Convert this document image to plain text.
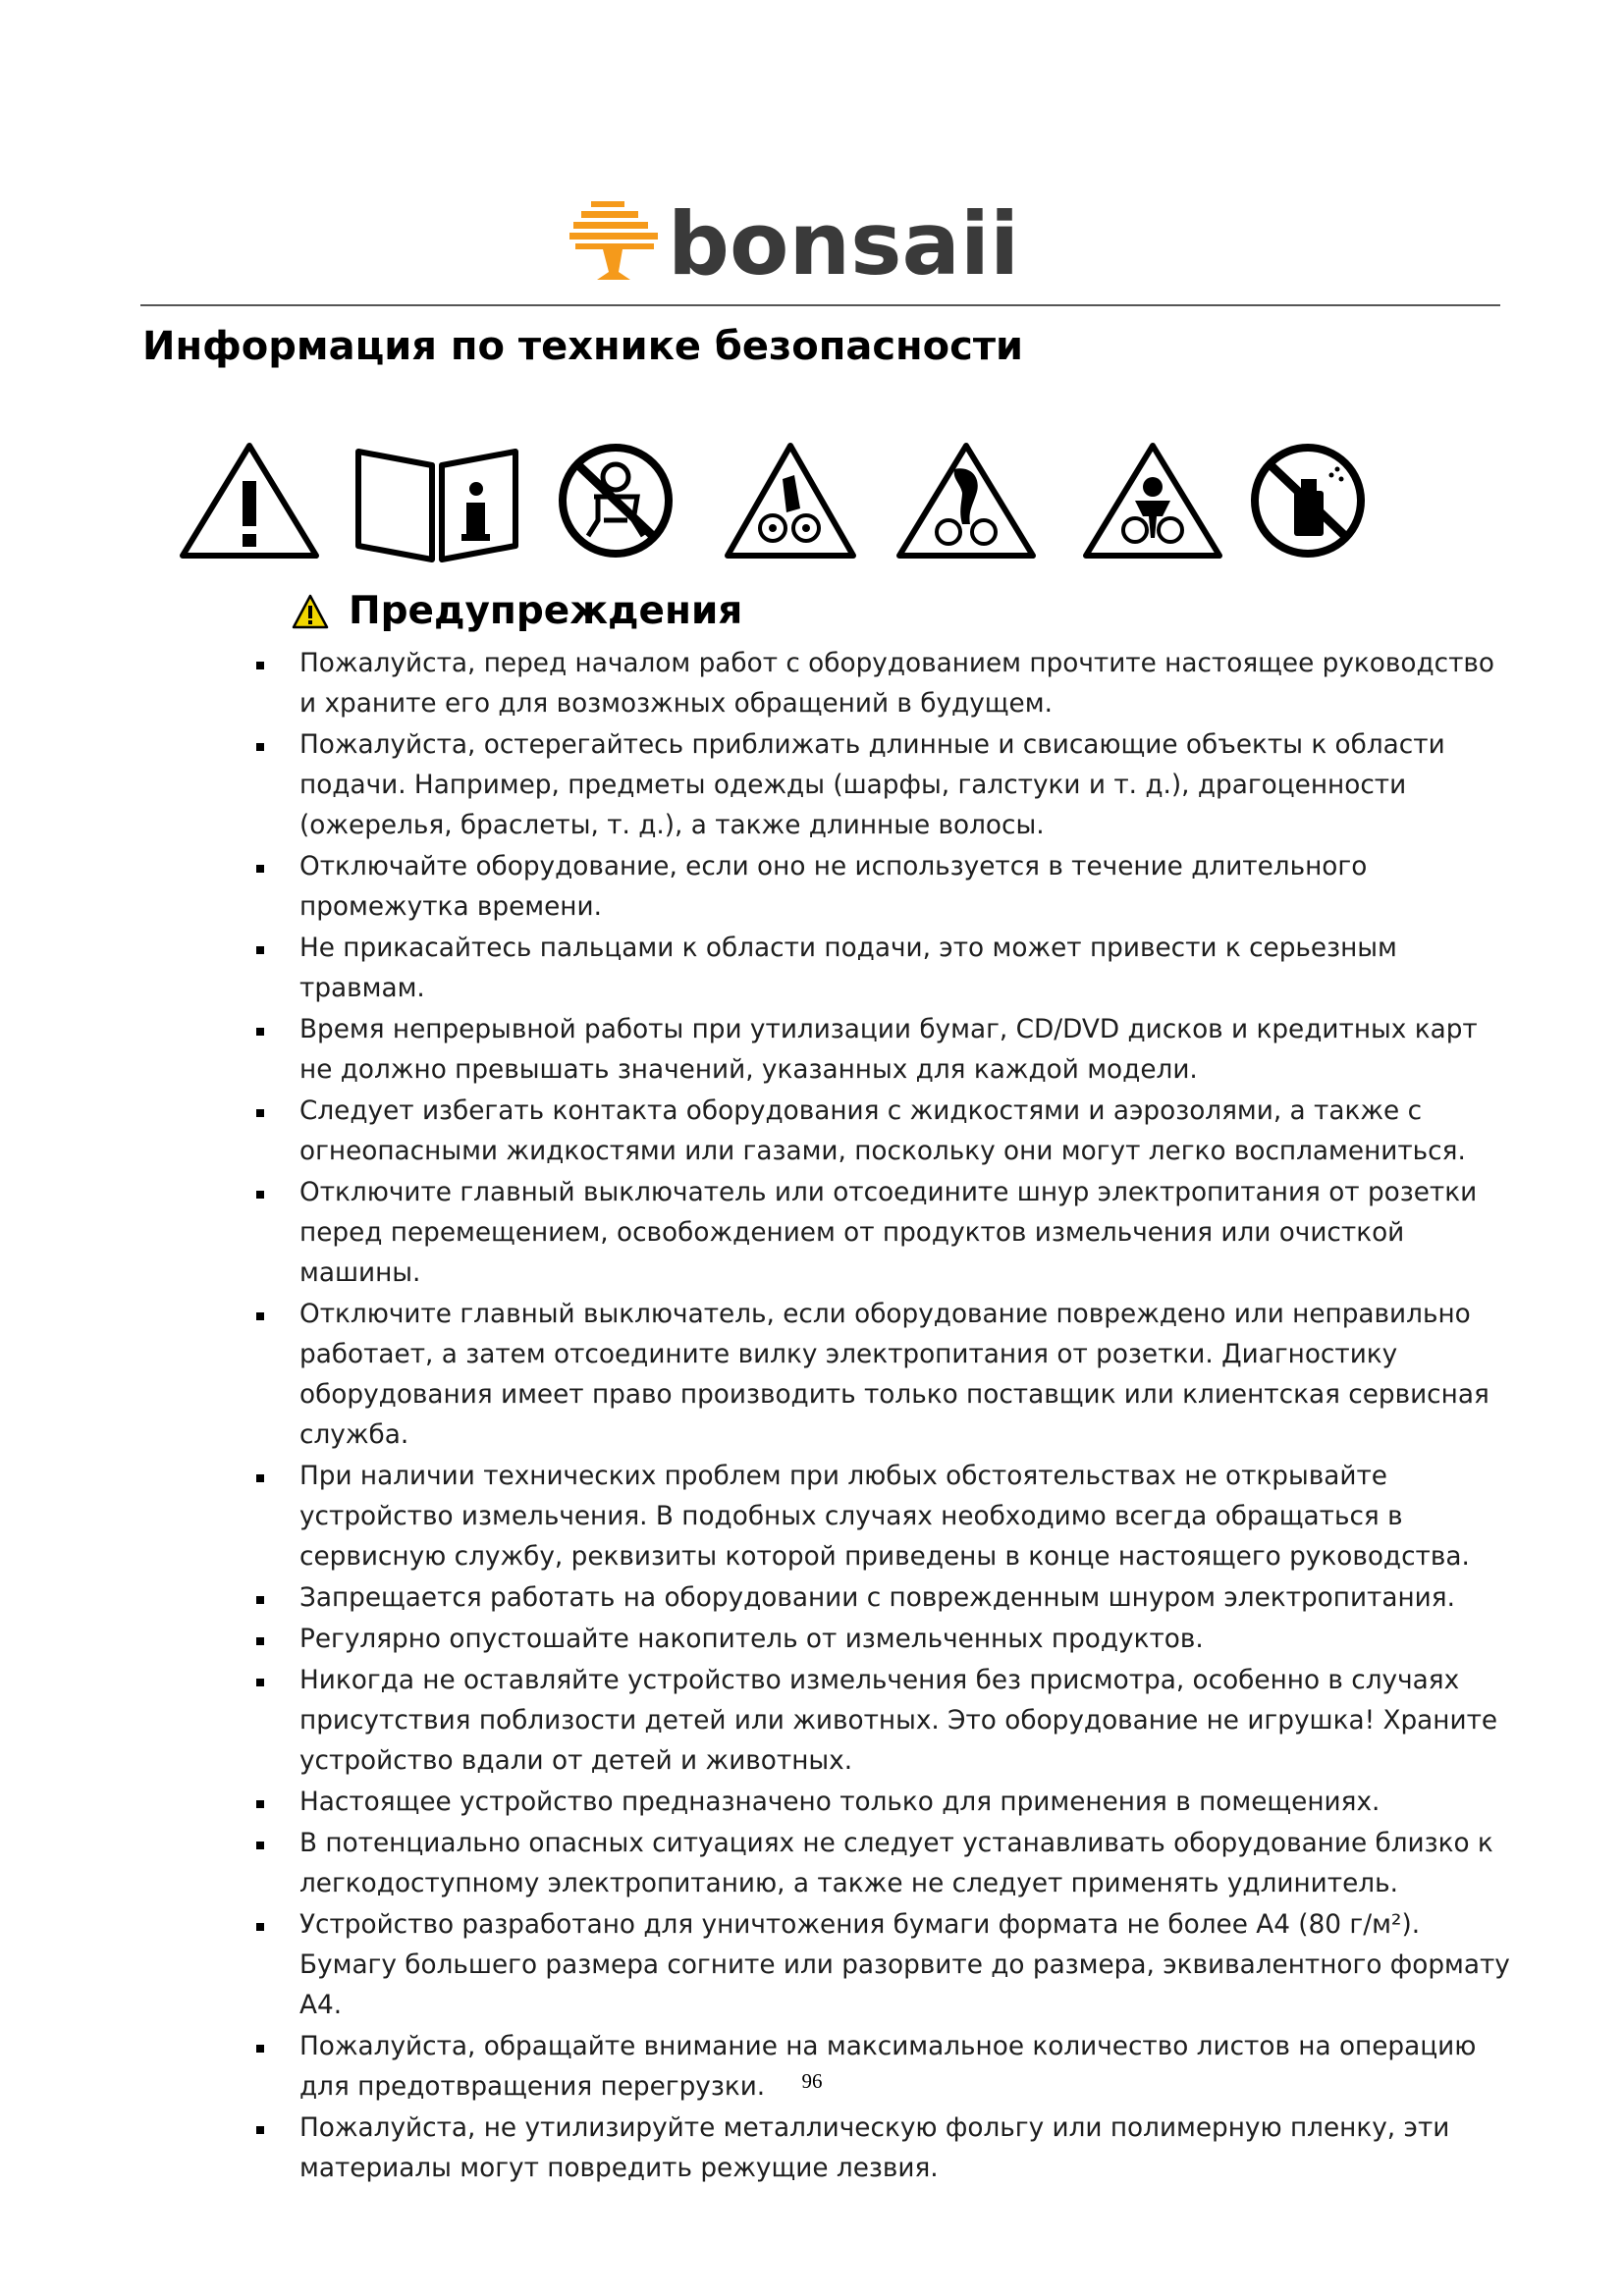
bonsaii
Информация по технике безопасности
Предупреждения
Пожалуйста, перед началом работ с оборудованием прочтите настоящее руководство и храните его для возмозжных обращений в будущем.
Пожалуйста, остерегайтесь приближать длинные и свисающие объекты к области подачи. Например, предметы одежды (шарфы, галстуки и т. д.), драгоценности (ожерелья, браслеты, т. д.), а также длинные волосы.
Отключайте оборудование, если оно не используется в течение длительного промежутка времени.
Не прикасайтесь пальцами к области подачи, это может привести к серьезным травмам.
Время непрерывной работы при утилизации бумаг, CD/DVD дисков и кредитных карт не должно превышать значений, указанных для каждой модели.
Следует избегать контакта оборудования с жидкостями и аэрозолями, а также с огнеопасными жидкостями или газами, поскольку они могут легко воспламениться.
Отключите главный выключатель или отсоедините шнур электропитания от розетки перед перемещением, освобождением от продуктов измельчения или очисткой машины.
Отключите главный выключатель, если оборудование повреждено или неправильно работает, а затем отсоедините вилку электропитания от розетки. Диагностику оборудования имеет право производить только поставщик или клиентская сервисная служба.
При наличии технических проблем при любых обстоятельствах не открывайте устройство измельчения. В подобных случаях необходимо всегда обращаться в сервисную службу, реквизиты которой приведены в конце настоящего руководства.
Запрещается работать на оборудовании с поврежденным шнуром электропитания.
Регулярно опустошайте накопитель от измельченных продуктов.
Никогда не оставляйте устройство измельчения без присмотра, особенно в случаях присутствия поблизости детей или животных. Это оборудование не игрушка! Храните устройство вдали от детей и животных.
Настоящее устройство предназначено только для применения в помещениях.
В потенциально опасных ситуациях не следует устанавливать оборудование близко к легкодоступному электропитанию, а также не следует применять удлинитель.
Устройство разработано для уничтожения бумаги формата не более А4 (80 г/м²). Бумагу большего размера согните или разорвите до размера, эквивалентного формату А4.
Пожалуйста, обращайте внимание на максимальное количество листов на операцию для предотвращения перегрузки.
Пожалуйста, не утилизируйте металлическую фольгу или полимерную пленку, эти материалы могут повредить режущие лезвия.
96
